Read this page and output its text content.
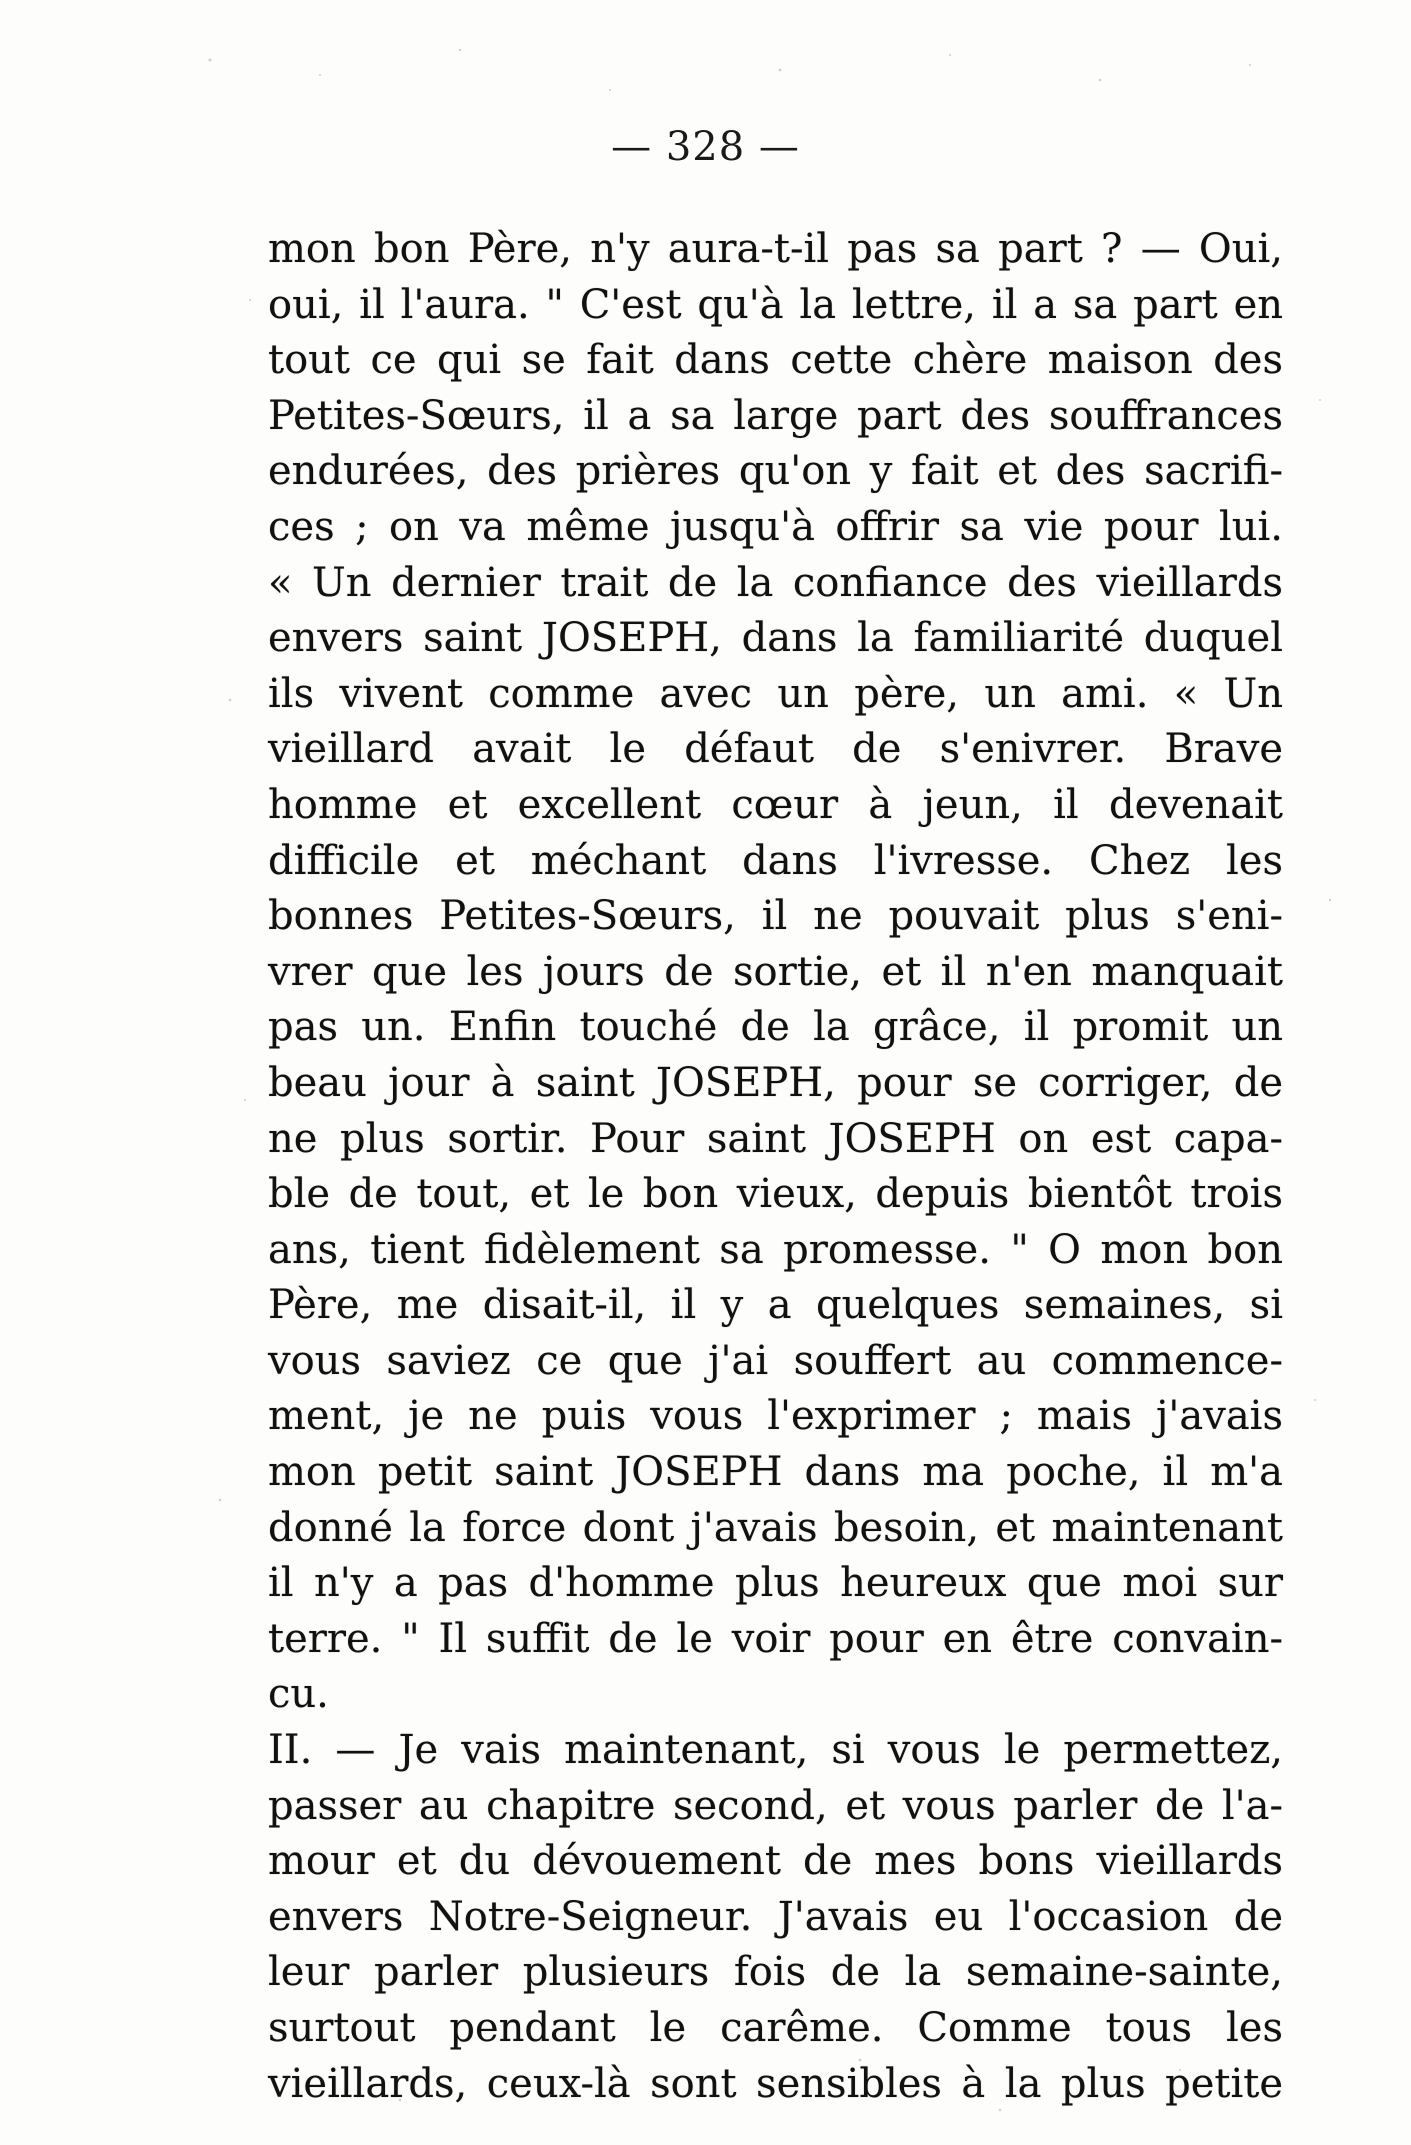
— 328 —
mon bon Père, n'y aura-t-il pas sa part ? — Oui,
oui, il l'aura. " C'est qu'à la lettre, il a sa part en
tout ce qui se fait dans cette chère maison des
Petites-Sœurs, il a sa large part des souffrances
endurées, des prières qu'on y fait et des sacrifi-
ces ; on va même jusqu'à offrir sa vie pour lui.
« Un dernier trait de la confiance des vieillards
envers saint JOSEPH, dans la familiarité duquel
ils vivent comme avec un père, un ami. « Un
vieillard avait le défaut de s'enivrer. Brave
homme et excellent cœur à jeun, il devenait
difficile et méchant dans l'ivresse. Chez les
bonnes Petites-Sœurs, il ne pouvait plus s'eni-
vrer que les jours de sortie, et il n'en manquait
pas un. Enfin touché de la grâce, il promit un
beau jour à saint JOSEPH, pour se corriger, de
ne plus sortir. Pour saint JOSEPH on est capa-
ble de tout, et le bon vieux, depuis bientôt trois
ans, tient fidèlement sa promesse. " O mon bon
Père, me disait-il, il y a quelques semaines, si
vous saviez ce que j'ai souffert au commence-
ment, je ne puis vous l'exprimer ; mais j'avais
mon petit saint JOSEPH dans ma poche, il m'a
donné la force dont j'avais besoin, et maintenant
il n'y a pas d'homme plus heureux que moi sur
terre. " Il suffit de le voir pour en être convain-
cu.
II. — Je vais maintenant, si vous le permettez,
passer au chapitre second, et vous parler de l'a-
mour et du dévouement de mes bons vieillards
envers Notre-Seigneur. J'avais eu l'occasion de
leur parler plusieurs fois de la semaine-sainte,
surtout pendant le carême. Comme tous les
vieillards, ceux-là sont sensibles à la plus petite
